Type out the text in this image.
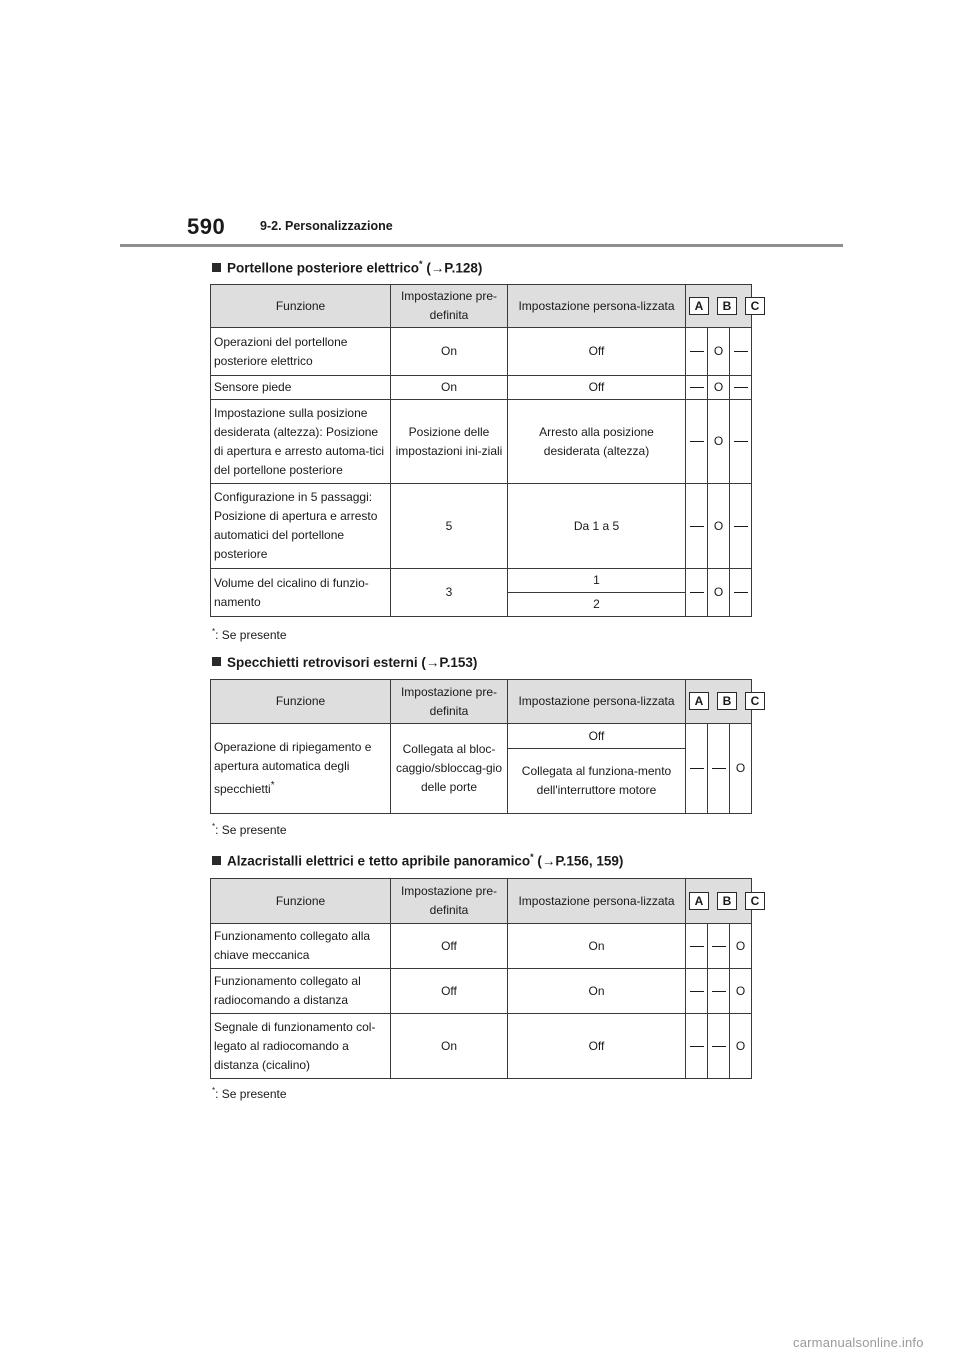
590	9-2. Personalizzazione
Portellone posteriore elettrico* (→P.128)
Funzione	Impostazione pre-definita	Impostazione persona-lizzata	A B C		

Operazioni del portellone posteriore elettrico	On	Off		O	
Sensore piede	On	Off		O	
Impostazione sulla posizione desiderata (altezza): Posizione di apertura e arresto automa-tici del portellone posteriore	Posizione delle impostazioni ini-ziali	Arresto alla posizione desiderata (altezza)		O	
Configurazione in 5 passaggi: Posizione di apertura e arresto automatici del portellone posteriore	5	Da 1 a 5		O	
Volume del cicalino di funzio-namento	3	1		O	
		2			
*: Se presente
Specchietti retrovisori esterni (→P.153)
Funzione	Impostazione pre-definita	Impostazione persona-lizzata	A B C		

Operazione di ripiegamento e apertura automatica degli specchietti*	Collegata al bloc-caggio/sbloccag-gio delle porte	Off			O
		Collegata al funziona-mento dell'interruttore motore			
*: Se presente
Alzacristalli elettrici e tetto apribile panoramico* (→P.156, 159)
Funzione	Impostazione pre-definita	Impostazione persona-lizzata	A B C		

Funzionamento collegato alla chiave meccanica	Off	On			O
Funzionamento collegato al radiocomando a distanza	Off	On			O
Segnale di funzionamento col-legato al radiocomando a distanza (cicalino)	On	Off			O
*: Se presente
carmanualsonline.info
